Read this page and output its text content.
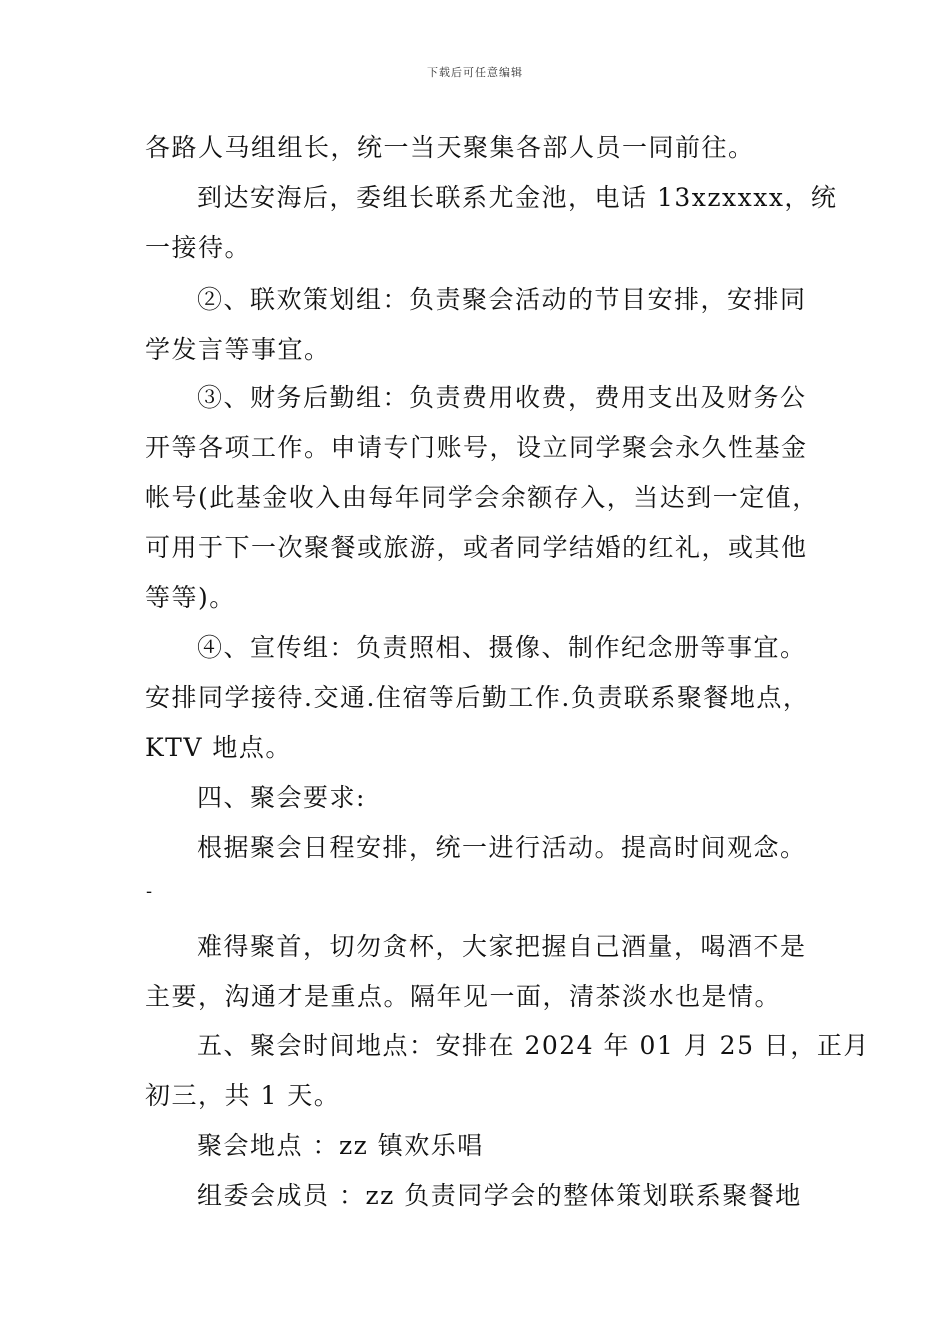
下载后可任意编辑
各路人马组组长，统一当天聚集各部人员一同前往。
到达安海后，委组长联系尤金池，电话 13xzxxxx，统
一接待。
②、联欢策划组：负责聚会活动的节目安排，安排同
学发言等事宜。
③、财务后勤组：负责费用收费，费用支出及财务公
开等各项工作。申请专门账号，设立同学聚会永久性基金
帐号(此基金收入由每年同学会余额存入，当达到一定值，
可用于下一次聚餐或旅游，或者同学结婚的红礼，或其他
等等)。
④、宣传组：负责照相、摄像、制作纪念册等事宜。
安排同学接待.交通.住宿等后勤工作.负责联系聚餐地点，
KTV 地点。
四、聚会要求:
根据聚会日程安排，统一进行活动。提高时间观念。
-
难得聚首，切勿贪杯，大家把握自己酒量，喝酒不是
主要，沟通才是重点。隔年见一面，清茶淡水也是情。
五、聚会时间地点：安排在 2024 年 01 月 25 日，正月
初三，共 1 天。
聚会地点 ：zz 镇欢乐唱
组委会成员 ：zz 负责同学会的整体策划联系聚餐地
